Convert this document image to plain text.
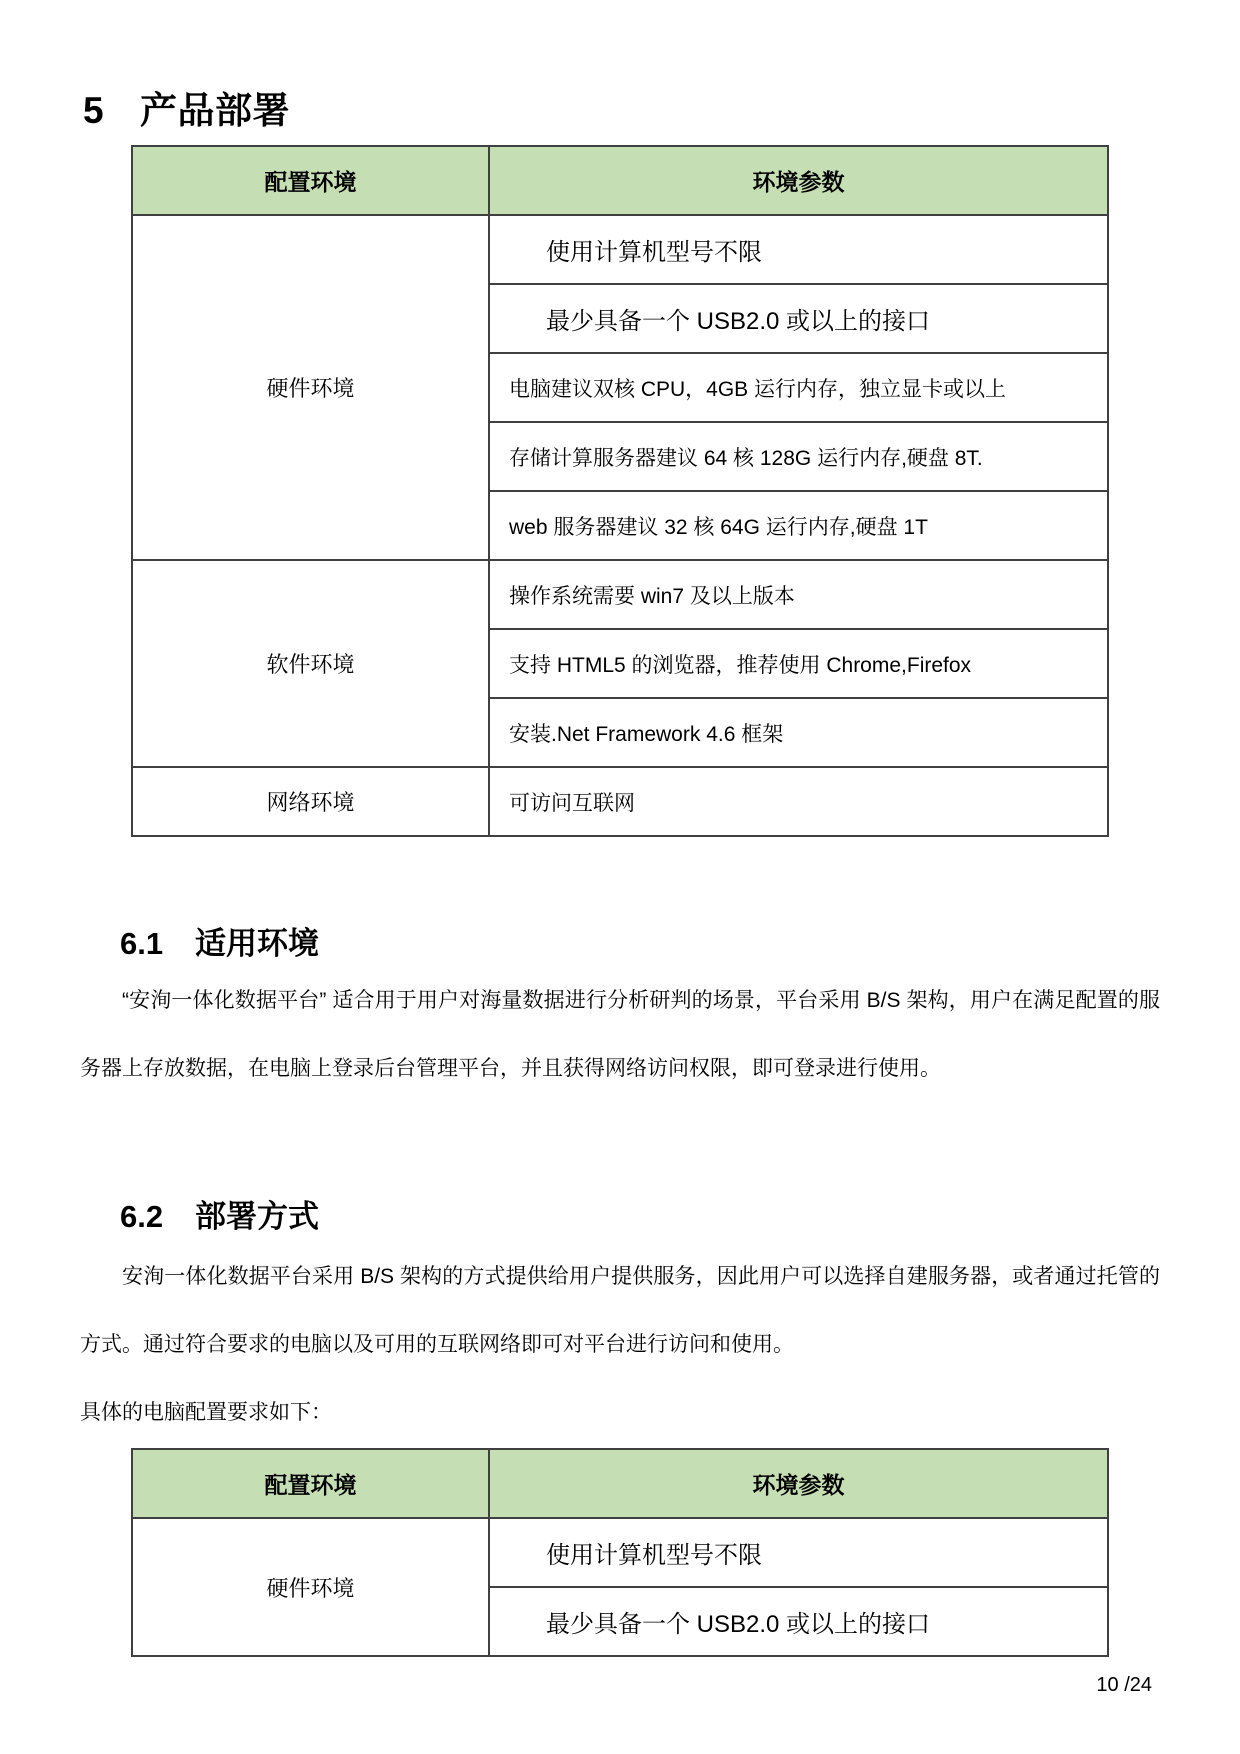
5 产品部署
配置环境	环境参数
硬件环境	使用计算机型号不限
	最少具备一个 USB2.0 或以上的接口
	电脑建议双核 CPU，4GB 运行内存，独立显卡或以上
	存储计算服务器建议 64 核 128G 运行内存,硬盘 8T.
	web 服务器建议 32 核 64G 运行内存,硬盘 1T
软件环境	操作系统需要 win7 及以上版本
	支持 HTML5 的浏览器，推荐使用 Chrome,Firefox
	安装.Net Framework 4.6 框架
网络环境	可访问互联网
6.1 适用环境

“安洵一体化数据平台” 适合用于用户对海量数据进行分析研判的场景，平台采用 B/S 架构，用户在满足配置的服务器上存放数据，在电脑上登录后台管理平台，并且获得网络访问权限，即可登录进行使用。

6.2 部署方式

安洵一体化数据平台采用 B/S 架构的方式提供给用户提供服务，因此用户可以选择自建服务器，或者通过托管的方式。通过符合要求的电脑以及可用的互联网络即可对平台进行访问和使用。

具体的电脑配置要求如下：

配置环境	环境参数
硬件环境	使用计算机型号不限
	最少具备一个 USB2.0 或以上的接口
10 /24
